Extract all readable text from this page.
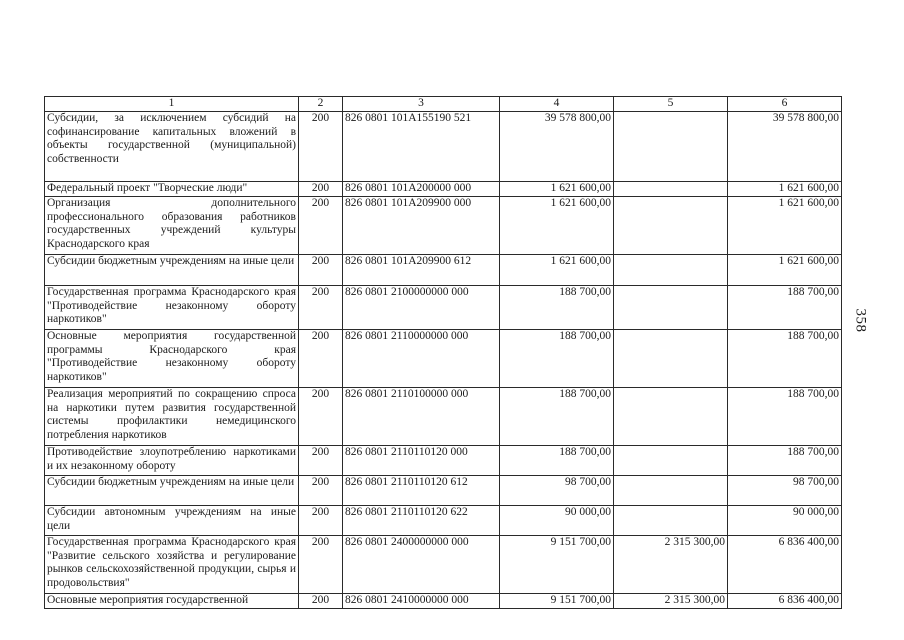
358
1	2	3	4	5	6
Субсидии, за исключением субсидий на софинансирование капитальных вложений в объекты государственной (муниципальной) собственности	200	826 0801 101А155190 521	39 578 800,00		39 578 800,00
Федеральный проект "Творческие люди"	200	826 0801 101А200000 000	1 621 600,00		1 621 600,00
Организация дополнительного профессионального образования работников государственных учреждений культуры Краснодарского края	200	826 0801 101А209900 000	1 621 600,00		1 621 600,00
Субсидии бюджетным учреждениям на иные цели	200	826 0801 101А209900 612	1 621 600,00		1 621 600,00
Государственная программа Краснодарского края "Противодействие незаконному обороту наркотиков"	200	826 0801 2100000000 000	188 700,00		188 700,00
Основные мероприятия государственной программы Краснодарского края "Противодействие незаконному обороту наркотиков"	200	826 0801 2110000000 000	188 700,00		188 700,00
Реализация мероприятий по сокращению спроса на наркотики путем развития государственной системы профилактики немедицинского потребления наркотиков	200	826 0801 2110100000 000	188 700,00		188 700,00
Противодействие злоупотреблению наркотиками и их незаконному обороту	200	826 0801 2110110120 000	188 700,00		188 700,00
Субсидии бюджетным учреждениям на иные цели	200	826 0801 2110110120 612	98 700,00		98 700,00
Субсидии автономным учреждениям на иные цели	200	826 0801 2110110120 622	90 000,00		90 000,00
Государственная программа Краснодарского края "Развитие сельского хозяйства и регулирование рынков сельскохозяйственной продукции, сырья и продовольствия"	200	826 0801 2400000000 000	9 151 700,00	2 315 300,00	6 836 400,00
Основные мероприятия государственной	200	826 0801 2410000000 000	9 151 700,00	2 315 300,00	6 836 400,00
